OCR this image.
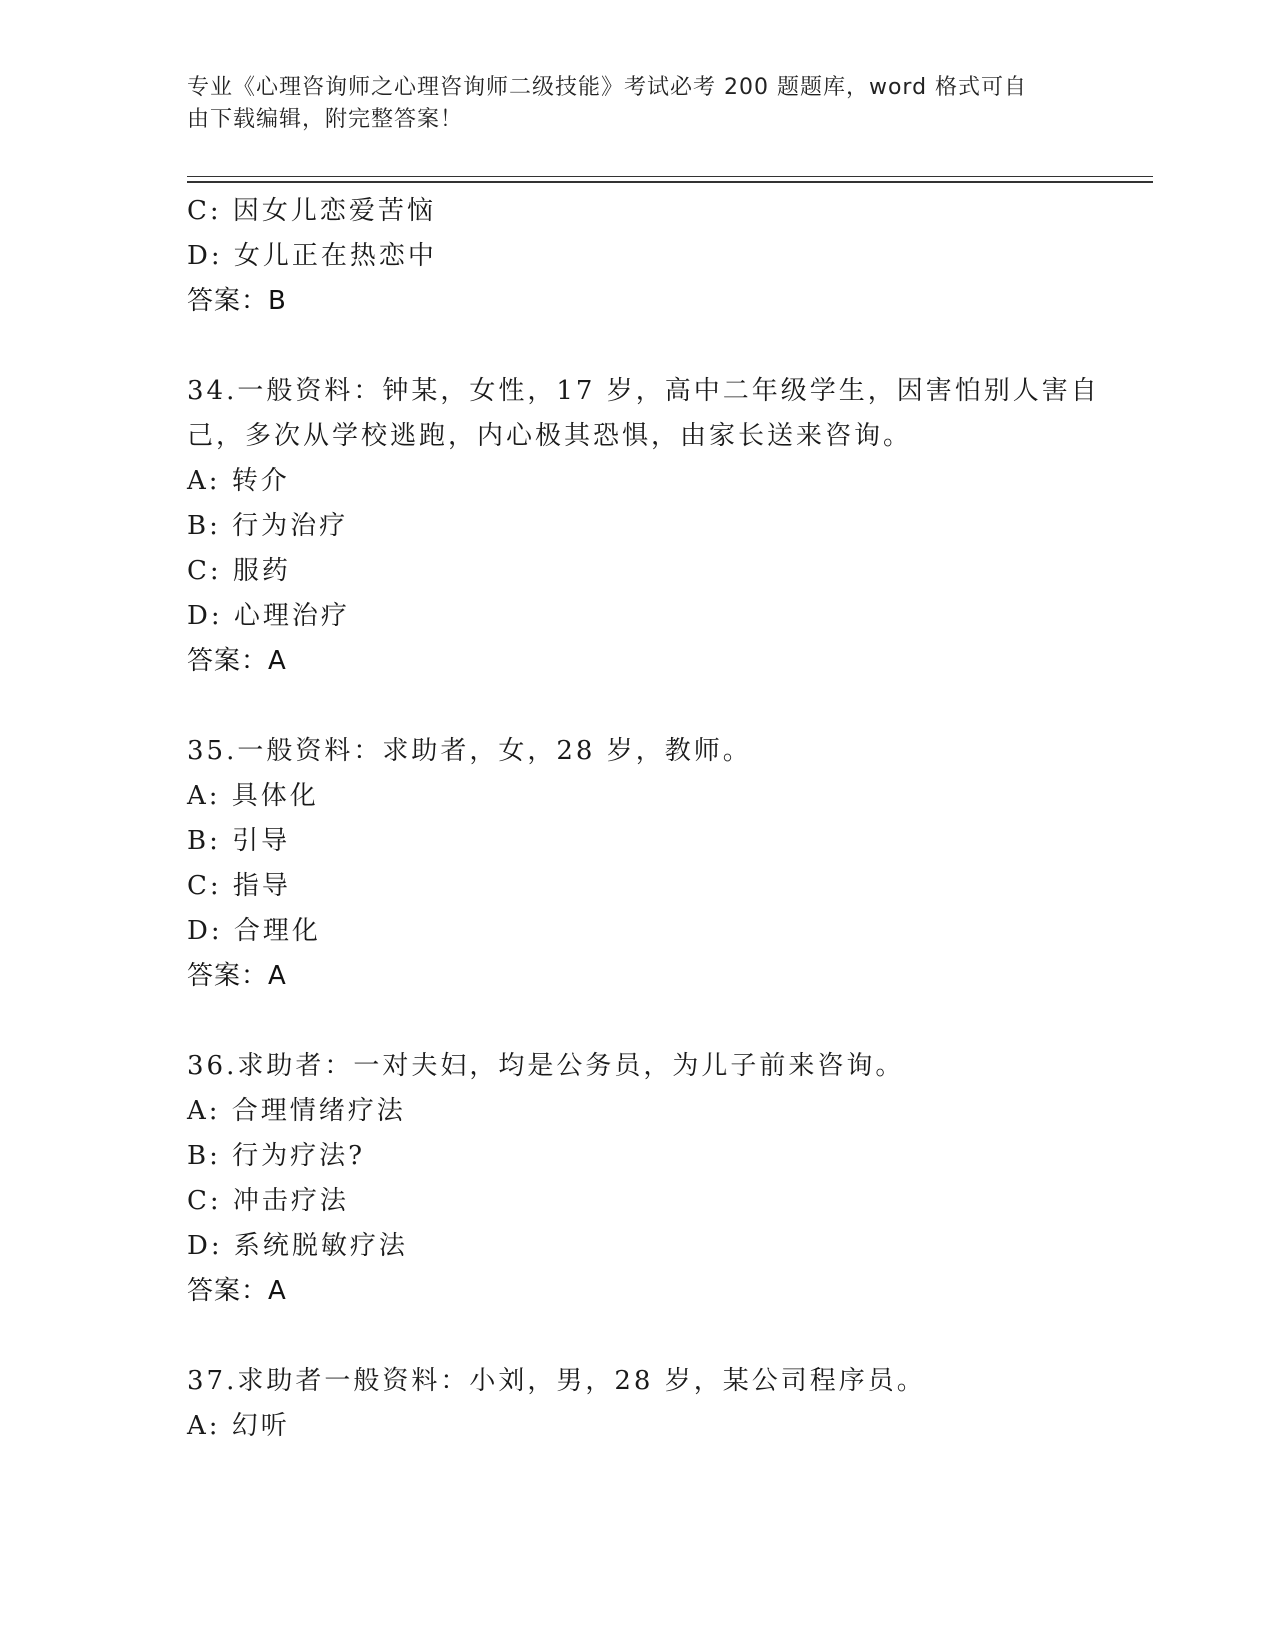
专业《心理咨询师之心理咨询师二级技能》考试必考 200 题题库，word 格式可自
由下载编辑，附完整答案！
C: 因女儿恋爱苦恼
D: 女儿正在热恋中
答案：B
34.一般资料：钟某，女性，17 岁，高中二年级学生，因害怕别人害自
己，多次从学校逃跑，内心极其恐惧，由家长送来咨询。
A: 转介
B: 行为治疗
C: 服药
D: 心理治疗
答案：A
35.一般资料：求助者，女，28 岁，教师。
A: 具体化
B: 引导
C: 指导
D: 合理化
答案：A
36.求助者：一对夫妇，均是公务员，为儿子前来咨询。
A: 合理情绪疗法
B: 行为疗法?
C: 冲击疗法
D: 系统脱敏疗法
答案：A
37.求助者一般资料：小刘，男，28 岁，某公司程序员。
A: 幻听
